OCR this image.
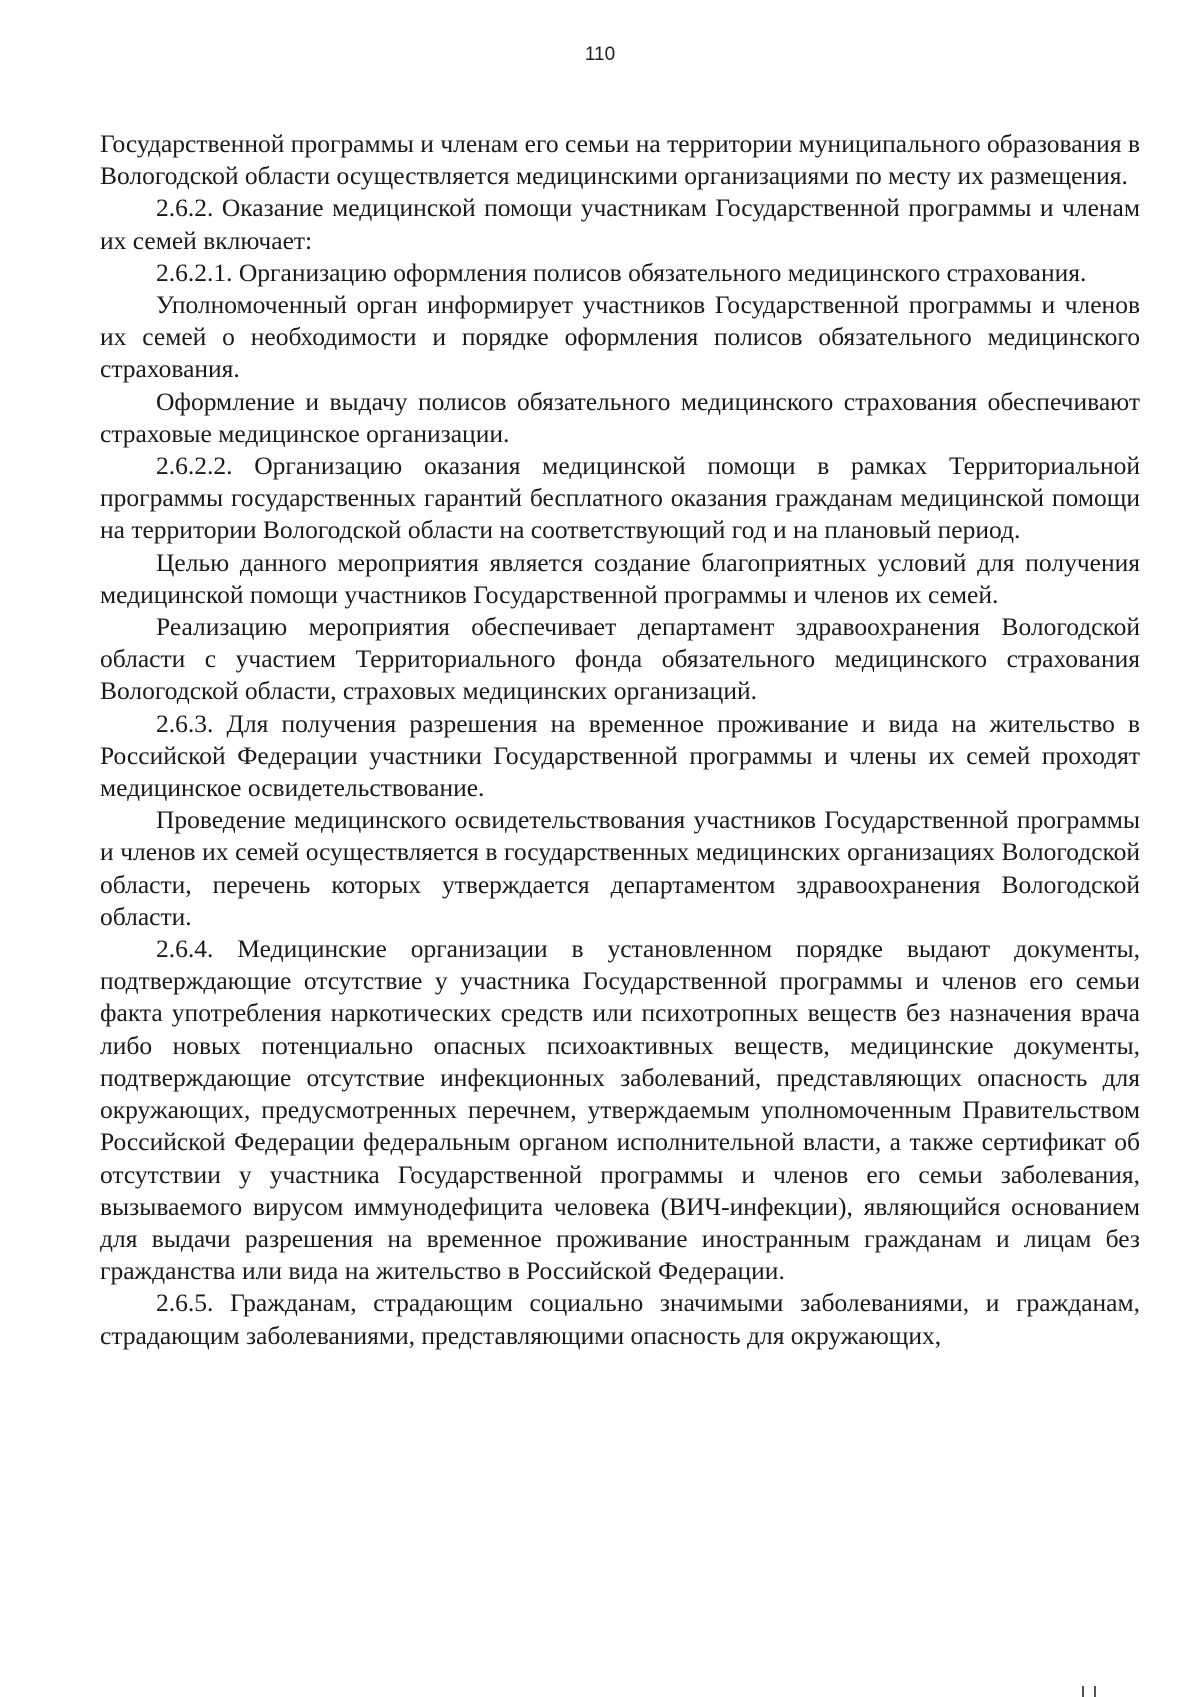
110

Государственной программы и членам его семьи на территории муниципального образования в Вологодской области осуществляется медицинскими организациями по месту их размещения.

2.6.2. Оказание медицинской помощи участникам Государственной программы и членам их семей включает:

2.6.2.1. Организацию оформления полисов обязательного медицинского страхования.

Уполномоченный орган информирует участников Государственной программы и членов их семей о необходимости и порядке оформления полисов обязательного медицинского страхования.

Оформление и выдачу полисов обязательного медицинского страхования обеспечивают страховые медицинское организации.

2.6.2.2. Организацию оказания медицинской помощи в рамках Территориальной программы государственных гарантий бесплатного оказания гражданам медицинской помощи на территории Вологодской области на соответствующий год и на плановый период.

Целью данного мероприятия является создание благоприятных условий для получения медицинской помощи участников Государственной программы и членов их семей.

Реализацию мероприятия обеспечивает департамент здравоохранения Вологодской области с участием Территориального фонда обязательного медицинского страхования Вологодской области, страховых медицинских организаций.

2.6.3. Для получения разрешения на временное проживание и вида на жительство в Российской Федерации участники Государственной программы и члены их семей проходят медицинское освидетельствование.

Проведение медицинского освидетельствования участников Государственной программы и членов их семей осуществляется в государственных медицинских организациях Вологодской области, перечень которых утверждается департаментом здравоохранения Вологодской области.

2.6.4. Медицинские организации в установленном порядке выдают документы, подтверждающие отсутствие у участника Государственной программы и членов его семьи факта употребления наркотических средств или психотропных веществ без назначения врача либо новых потенциально опасных психоактивных веществ, медицинские документы, подтверждающие отсутствие инфекционных заболеваний, представляющих опасность для окружающих, предусмотренных перечнем, утверждаемым уполномоченным Правительством Российской Федерации федеральным органом исполнительной власти, а также сертификат об отсутствии у участника Государственной программы и членов его семьи заболевания, вызываемого вирусом иммунодефицита человека (ВИЧ-инфекции), являющийся основанием для выдачи разрешения на временное проживание иностранным гражданам и лицам без гражданства или вида на жительство в Российской Федерации.

2.6.5. Гражданам, страдающим социально значимыми заболеваниями, и гражданам, страдающим заболеваниями, представляющими опасность для окружающих,
